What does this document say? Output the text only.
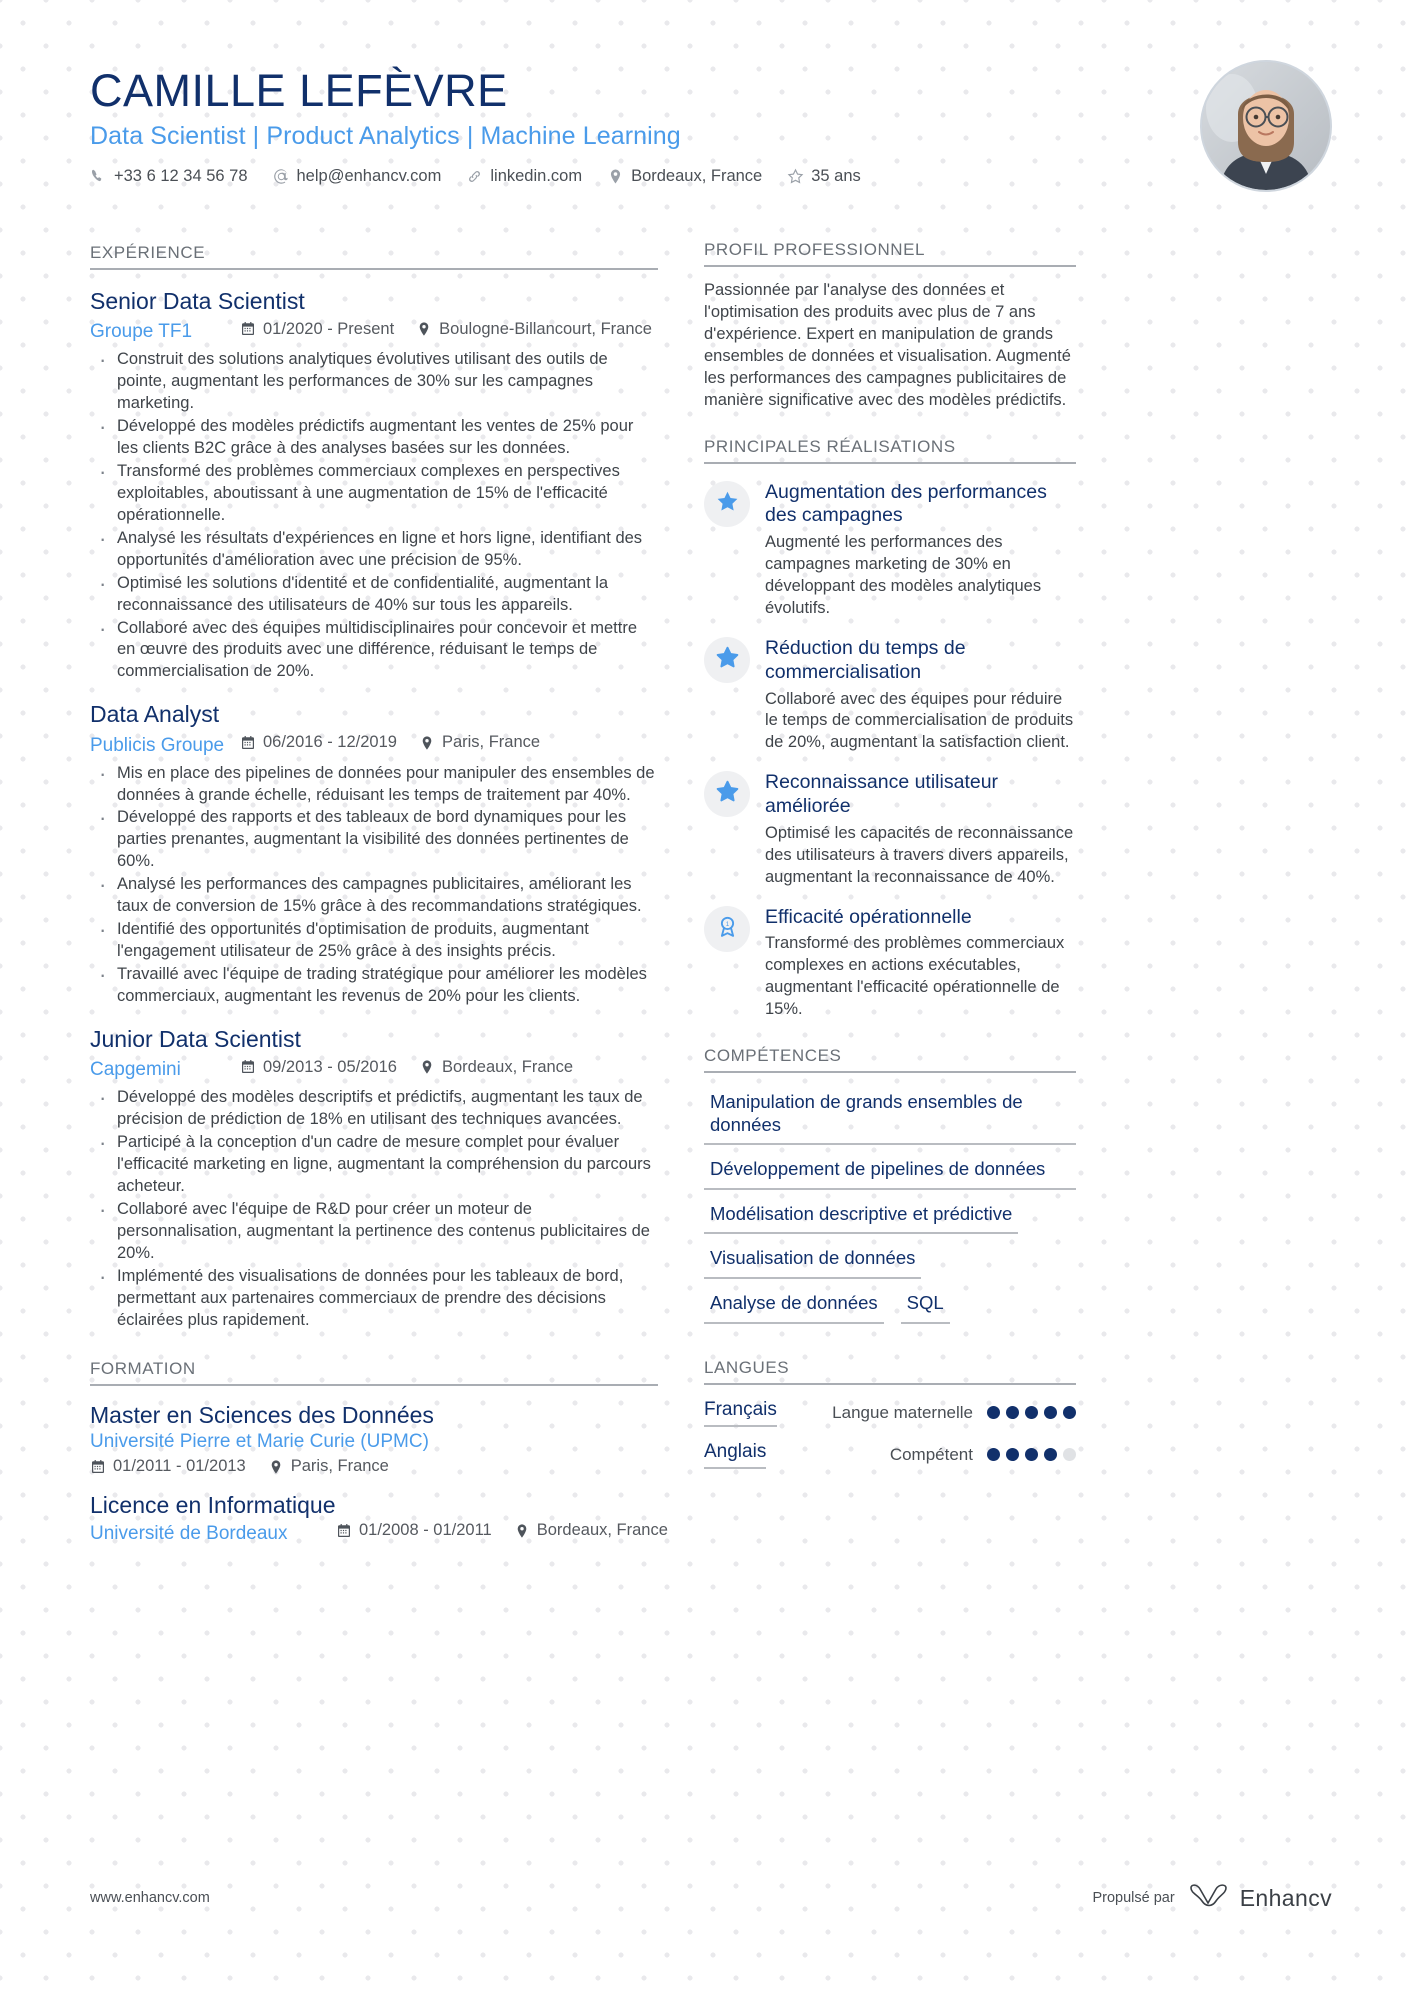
CAMILLE LEFÈVRE
Data Scientist | Product Analytics | Machine Learning
+33 6 12 34 56 78	help@enhancv.com	linkedin.com	Bordeaux, France	35 ans
EXPÉRIENCE
Senior Data Scientist
Groupe TF1	01/2020 - Present	Boulogne-Billancourt, France
· Construit des solutions analytiques évolutives utilisant des outils de pointe, augmentant les performances de 30% sur les campagnes marketing.
· Développé des modèles prédictifs augmentant les ventes de 25% pour les clients B2C grâce à des analyses basées sur les données.
· Transformé des problèmes commerciaux complexes en perspectives exploitables, aboutissant à une augmentation de 15% de l'efficacité opérationnelle.
· Analysé les résultats d'expériences en ligne et hors ligne, identifiant des opportunités d'amélioration avec une précision de 95%.
· Optimisé les solutions d'identité et de confidentialité, augmentant la reconnaissance des utilisateurs de 40% sur tous les appareils.
· Collaboré avec des équipes multidisciplinaires pour concevoir et mettre en œuvre des produits avec une différence, réduisant le temps de commercialisation de 20%.
Data Analyst
Publicis Groupe	06/2016 - 12/2019	Paris, France
· Mis en place des pipelines de données pour manipuler des ensembles de données à grande échelle, réduisant les temps de traitement par 40%.
· Développé des rapports et des tableaux de bord dynamiques pour les parties prenantes, augmentant la visibilité des données pertinentes de 60%.
· Analysé les performances des campagnes publicitaires, améliorant les taux de conversion de 15% grâce à des recommandations stratégiques.
· Identifié des opportunités d'optimisation de produits, augmentant l'engagement utilisateur de 25% grâce à des insights précis.
· Travaillé avec l'équipe de trading stratégique pour améliorer les modèles commerciaux, augmentant les revenus de 20% pour les clients.
Junior Data Scientist
Capgemini	09/2013 - 05/2016	Bordeaux, France
· Développé des modèles descriptifs et prédictifs, augmentant les taux de précision de prédiction de 18% en utilisant des techniques avancées.
· Participé à la conception d'un cadre de mesure complet pour évaluer l'efficacité marketing en ligne, augmentant la compréhension du parcours acheteur.
· Collaboré avec l'équipe de R&D pour créer un moteur de personnalisation, augmentant la pertinence des contenus publicitaires de 20%.
· Implémenté des visualisations de données pour les tableaux de bord, permettant aux partenaires commerciaux de prendre des décisions éclairées plus rapidement.
FORMATION
Master en Sciences des Données
Université Pierre et Marie Curie (UPMC)
01/2011 - 01/2013	Paris, France
Licence en Informatique
Université de Bordeaux	01/2008 - 01/2011	Bordeaux, France
PROFIL PROFESSIONNEL
Passionnée par l'analyse des données et l'optimisation des produits avec plus de 7 ans d'expérience. Expert en manipulation de grands ensembles de données et visualisation. Augmenté les performances des campagnes publicitaires de manière significative avec des modèles prédictifs.
PRINCIPALES RÉALISATIONS
Augmentation des performances des campagnes
Augmenté les performances des campagnes marketing de 30% en développant des modèles analytiques évolutifs.
Réduction du temps de commercialisation
Collaboré avec des équipes pour réduire le temps de commercialisation de produits de 20%, augmentant la satisfaction client.
Reconnaissance utilisateur améliorée
Optimisé les capacités de reconnaissance des utilisateurs à travers divers appareils, augmentant la reconnaissance de 40%.
1 Efficacité opérationnelle
Transformé des problèmes commerciaux complexes en actions exécutables, augmentant l'efficacité opérationnelle de 15%.
COMPÉTENCES
Manipulation de grands ensembles de données
Développement de pipelines de données
Modélisation descriptive et prédictive
Visualisation de données
Analyse de données	SQL
LANGUES
Français	Langue maternelle
Anglais	Compétent
www.enhancv.com	Propulsé par	Enhancv
